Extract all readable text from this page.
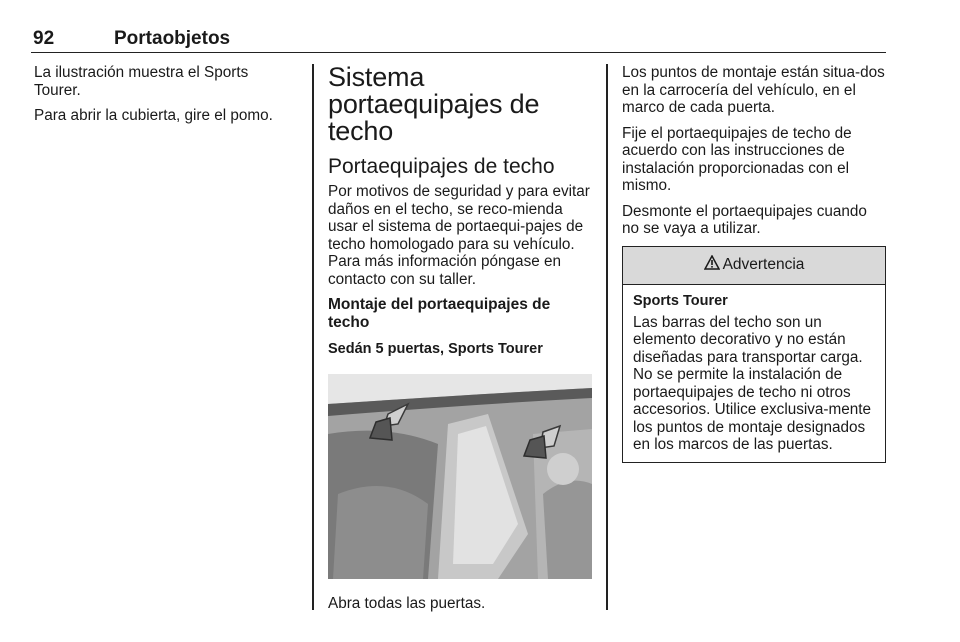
92	Portaobjetos

La ilustración muestra el Sports Tourer.

Para abrir la cubierta, gire el pomo.

Sistema portaequipajes de techo
Portaequipajes de techo

Por motivos de seguridad y para evitar daños en el techo, se reco-mienda usar el sistema de portaequi-pajes de techo homologado para su vehículo. Para más información póngase en contacto con su taller.

Montaje del portaequipajes de techo
Sedán 5 puertas, Sports Tourer

Abra todas las puertas.

Los puntos de montaje están situa-dos en la carrocería del vehículo, en el marco de cada puerta.

Fije el portaequipajes de techo de acuerdo con las instrucciones de instalación proporcionadas con el mismo.

Desmonte el portaequipajes cuando no se vaya a utilizar.

Advertencia
Sports Tourer

Las barras del techo son un elemento decorativo y no están diseñadas para transportar carga. No se permite la instalación de portaequipajes de techo ni otros accesorios. Utilice exclusiva-mente los puntos de montaje designados en los marcos de las puertas.
